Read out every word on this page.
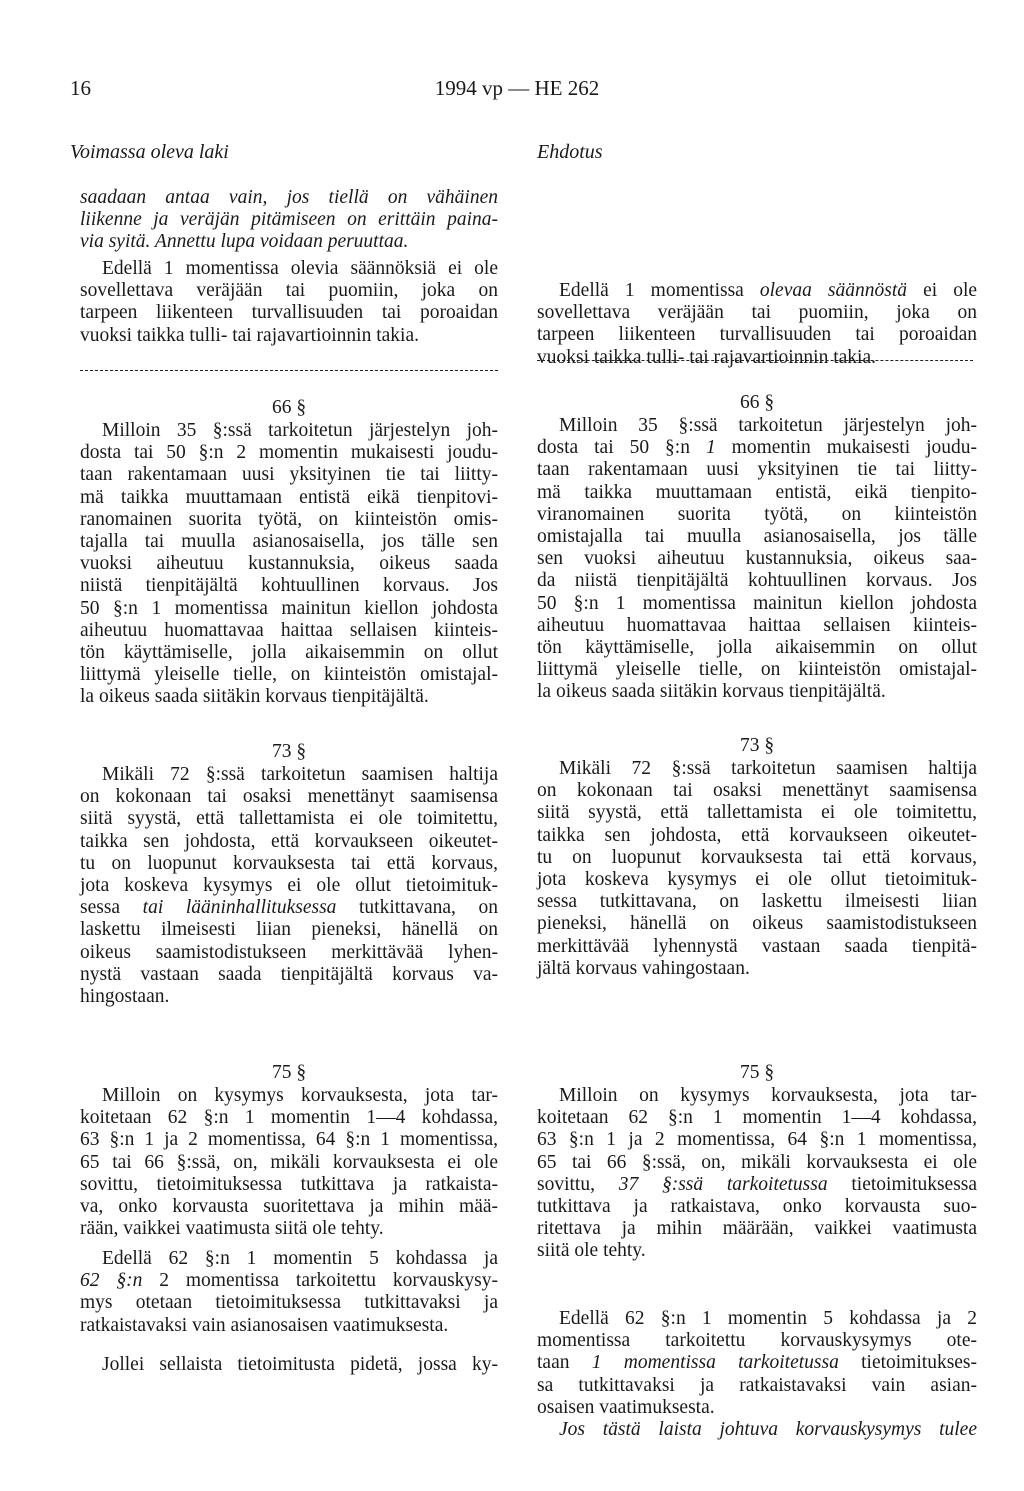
16	1994 vp — HE 262
Voimassa oleva laki
saadaan antaa vain, jos tiellä on vähäinen
liikenne ja veräjän pitämiseen on erittäin paina-
via syitä. Annettu lupa voidaan peruuttaa.
Edellä 1 momentissa olevia säännöksiä ei ole
sovellettava veräjään tai puomiin, joka on
tarpeen liikenteen turvallisuuden tai poroaidan
vuoksi taikka tulli- tai rajavartioinnin takia.
66 §
Milloin 35 §:ssä tarkoitetun järjestelyn joh-
dosta tai 50 §:n 2 momentin mukaisesti joudu-
taan rakentamaan uusi yksityinen tie tai liitty-
mä taikka muuttamaan entistä eikä tienpitovi-
ranomainen suorita työtä, on kiinteistön omis-
tajalla tai muulla asianosaisella, jos tälle sen
vuoksi aiheutuu kustannuksia, oikeus saada
niistä tienpitäjältä kohtuullinen korvaus. Jos
50 §:n 1 momentissa mainitun kiellon johdosta
aiheutuu huomattavaa haittaa sellaisen kiinteis-
tön käyttämiselle, jolla aikaisemmin on ollut
liittymä yleiselle tielle, on kiinteistön omistajal-
la oikeus saada siitäkin korvaus tienpitäjältä.
73 §
Mikäli 72 §:ssä tarkoitetun saamisen haltija
on kokonaan tai osaksi menettänyt saamisensa
siitä syystä, että tallettamista ei ole toimitettu,
taikka sen johdosta, että korvaukseen oikeutet-
tu on luopunut korvauksesta tai että korvaus,
jota koskeva kysymys ei ole ollut tietoimituk-
sessa tai lääninhallituksessa tutkittavana, on
laskettu ilmeisesti liian pieneksi, hänellä on
oikeus saamistodistukseen merkittävää lyhen-
nystä vastaan saada tienpitäjältä korvaus va-
hingostaan.
75 §
Milloin on kysymys korvauksesta, jota tar-
koitetaan 62 §:n 1 momentin 1—4 kohdassa,
63 §:n 1 ja 2 momentissa, 64 §:n 1 momentissa,
65 tai 66 §:ssä, on, mikäli korvauksesta ei ole
sovittu, tietoimituksessa tutkittava ja ratkaista-
va, onko korvausta suoritettava ja mihin mää-
rään, vaikkei vaatimusta siitä ole tehty.
Edellä 62 §:n 1 momentin 5 kohdassa ja
62 §:n 2 momentissa tarkoitettu korvauskysy-
mys otetaan tietoimituksessa tutkittavaksi ja
ratkaistavaksi vain asianosaisen vaatimuksesta.
Jollei sellaista tietoimitusta pidetä, jossa ky-
Ehdotus
Edellä 1 momentissa olevaa säännöstä ei ole
sovellettava veräjään tai puomiin, joka on
tarpeen liikenteen turvallisuuden tai poroaidan
vuoksi taikka tulli- tai rajavartioinnin takia.
66 §
Milloin 35 §:ssä tarkoitetun järjestelyn joh-
dosta tai 50 §:n 1 momentin mukaisesti joudu-
taan rakentamaan uusi yksityinen tie tai liitty-
mä taikka muuttamaan entistä, eikä tienpito-
viranomainen suorita työtä, on kiinteistön
omistajalla tai muulla asianosaisella, jos tälle
sen vuoksi aiheutuu kustannuksia, oikeus saa-
da niistä tienpitäjältä kohtuullinen korvaus. Jos
50 §:n 1 momentissa mainitun kiellon johdosta
aiheutuu huomattavaa haittaa sellaisen kiinteis-
tön käyttämiselle, jolla aikaisemmin on ollut
liittymä yleiselle tielle, on kiinteistön omistajal-
la oikeus saada siitäkin korvaus tienpitäjältä.
73 §
Mikäli 72 §:ssä tarkoitetun saamisen haltija
on kokonaan tai osaksi menettänyt saamisensa
siitä syystä, että tallettamista ei ole toimitettu,
taikka sen johdosta, että korvaukseen oikeutet-
tu on luopunut korvauksesta tai että korvaus,
jota koskeva kysymys ei ole ollut tietoimituk-
sessa tutkittavana, on laskettu ilmeisesti liian
pieneksi, hänellä on oikeus saamistodistukseen
merkittävää lyhennystä vastaan saada tienpitä-
jältä korvaus vahingostaan.
75 §
Milloin on kysymys korvauksesta, jota tar-
koitetaan 62 §:n 1 momentin 1—4 kohdassa,
63 §:n 1 ja 2 momentissa, 64 §:n 1 momentissa,
65 tai 66 §:ssä, on, mikäli korvauksesta ei ole
sovittu, 37 §:ssä tarkoitetussa tietoimituksessa
tutkittava ja ratkaistava, onko korvausta suo-
ritettava ja mihin määrään, vaikkei vaatimusta
siitä ole tehty.
Edellä 62 §:n 1 momentin 5 kohdassa ja 2
momentissa tarkoitettu korvauskysymys ote-
taan 1 momentissa tarkoitetussa tietoimitukses-
sa tutkittavaksi ja ratkaistavaksi vain asian-
osaisen vaatimuksesta.
Jos tästä laista johtuva korvauskysymys tulee
